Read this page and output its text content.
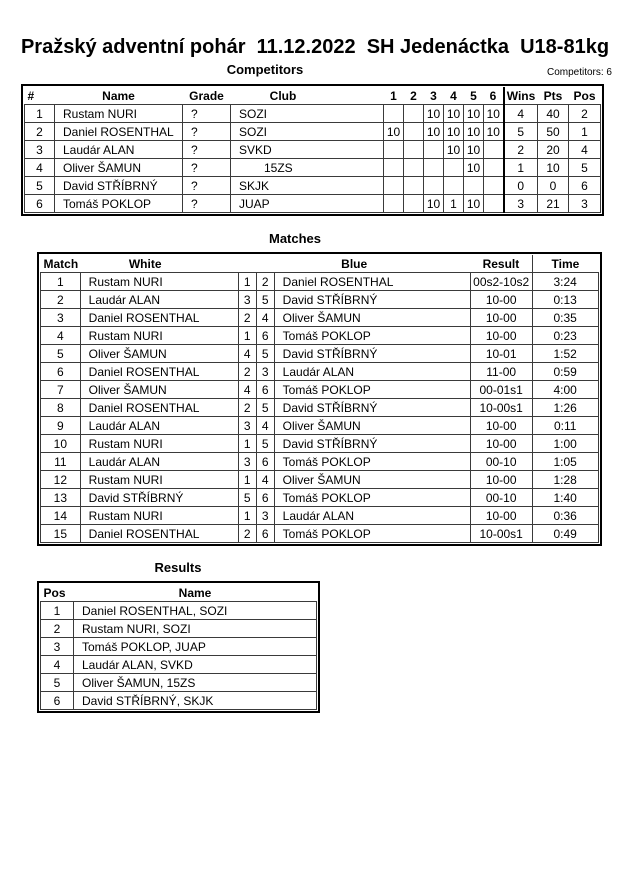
Pražský adventní pohár  11.12.2022  SH Jedenáctka  U18-81kg
Competitors	Competitors: 6
#	Name	Grade	Club	1	2	3	4	5	6	Wins	Pts	Pos
1	Rustam NURI	?	SOZI			10	10	10	10	4	40	2
2	Daniel ROSENTHAL	?	SOZI	10		10	10	10	10	5	50	1
3	Laudár ALAN	?	SVKD				10	10		2	20	4
4	Oliver ŠAMUN	?	15ZS					10		1	10	5
5	David STŘÍBRNÝ	?	SKJK							0	0	6
6	Tomáš POKLOP	?	JUAP			10	1	10		3	21	3
Matches
Match	White	Blue			Result	Time
1	Rustam NURI	1	2	Daniel ROSENTHAL	00s2-10s2	3:24
2	Laudár ALAN	3	5	David STŘÍBRNÝ	10-00	0:13
3	Daniel ROSENTHAL	2	4	Oliver ŠAMUN	10-00	0:35
4	Rustam NURI	1	6	Tomáš POKLOP	10-00	0:23
5	Oliver ŠAMUN	4	5	David STŘÍBRNÝ	10-01	1:52
6	Daniel ROSENTHAL	2	3	Laudár ALAN	11-00	0:59
7	Oliver ŠAMUN	4	6	Tomáš POKLOP	00-01s1	4:00
8	Daniel ROSENTHAL	2	5	David STŘÍBRNÝ	10-00s1	1:26
9	Laudár ALAN	3	4	Oliver ŠAMUN	10-00	0:11
10	Rustam NURI	1	5	David STŘÍBRNÝ	10-00	1:00
11	Laudár ALAN	3	6	Tomáš POKLOP	00-10	1:05
12	Rustam NURI	1	4	Oliver ŠAMUN	10-00	1:28
13	David STŘÍBRNÝ	5	6	Tomáš POKLOP	00-10	1:40
14	Rustam NURI	1	3	Laudár ALAN	10-00	0:36
15	Daniel ROSENTHAL	2	6	Tomáš POKLOP	10-00s1	0:49
Results
Pos	Name
1	Daniel ROSENTHAL, SOZI
2	Rustam NURI, SOZI
3	Tomáš POKLOP, JUAP
4	Laudár ALAN, SVKD
5	Oliver ŠAMUN, 15ZS
6	David STŘÍBRNÝ, SKJK
